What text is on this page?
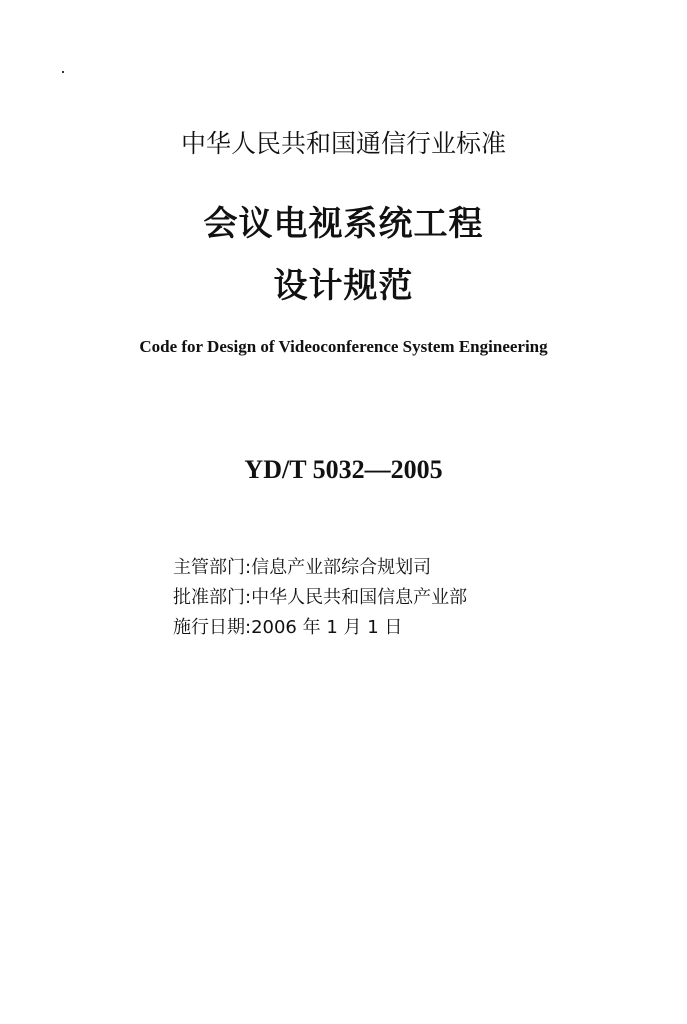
中华人民共和国通信行业标准
会议电视系统工程
设计规范
Code for Design of Videoconference System Engineering
YD/T 5032—2005
主管部门:信息产业部综合规划司
批准部门:中华人民共和国信息产业部
施行日期:2006 年 1 月 1 日
